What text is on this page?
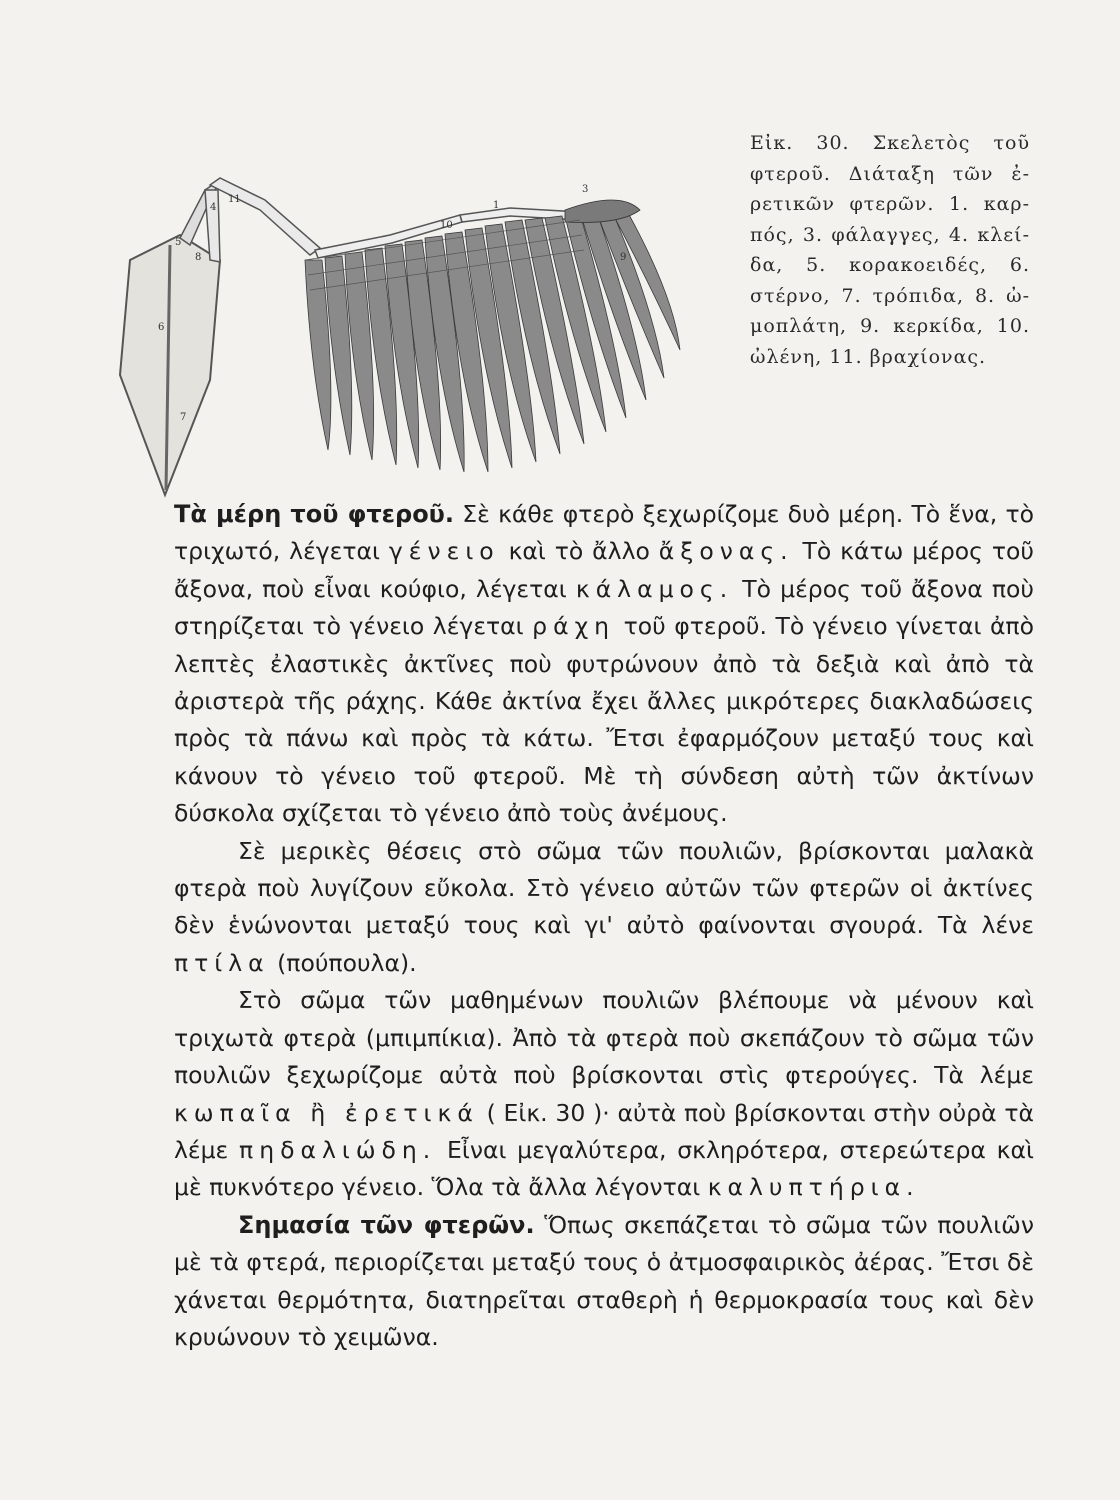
1
3
4
5
6
7
8	9
10
11
Εἰκ. 30. Σκελετὸς τοῦ φτεροῦ. Διάταξη τῶν ἐ-ρετικῶν φτερῶν. 1. καρ-πός, 3. φάλαγγες, 4. κλεί-δα, 5. κορακοειδές, 6. στέρνο, 7. τρόπιδα, 8. ὠ-μοπλάτη, 9. κερκίδα, 10. ὠλένη, 11. βραχίονας.

Τὰ μέρη τοῦ φτεροῦ. Σὲ κάθε φτερὸ ξεχωρίζομε δυὸ μέρη. Τὸ ἕνα, τὸ τριχωτό, λέγεται γένειο καὶ τὸ ἄλλο ἄξονας. Τὸ κάτω μέρος τοῦ ἄξονα, ποὺ εἶναι κούφιο, λέγεται κάλαμος. Τὸ μέρος τοῦ ἄξονα ποὺ στηρίζεται τὸ γένειο λέγεται ράχη τοῦ φτεροῦ. Τὸ γένειο γίνεται ἀπὸ λεπτὲς ἐλαστικὲς ἀκτῖνες ποὺ φυτρώνουν ἀπὸ τὰ δεξιὰ καὶ ἀπὸ τὰ ἀριστερὰ τῆς ράχης. Κάθε ἀκτίνα ἔχει ἄλλες μικρότερες διακλαδώσεις πρὸς τὰ πάνω καὶ πρὸς τὰ κάτω. Ἔτσι ἐφαρμόζουν μεταξύ τους καὶ κάνουν τὸ γένειο τοῦ φτεροῦ. Μὲ τὴ σύνδεση αὐτὴ τῶν ἀκτίνων δύσκολα σχίζεται τὸ γένειο ἀπὸ τοὺς ἀνέμους.

Σὲ μερικὲς θέσεις στὸ σῶμα τῶν πουλιῶν, βρίσκονται μαλακὰ φτερὰ ποὺ λυγίζουν εὔκολα. Στὸ γένειο αὐτῶν τῶν φτερῶν οἱ ἀκτίνες δὲν ἑνώνονται μεταξύ τους καὶ γι' αὐτὸ φαίνονται σγουρά. Τὰ λένε πτίλα (πούπουλα).

Στὸ σῶμα τῶν μαθημένων πουλιῶν βλέπουμε νὰ μένουν καὶ τριχωτὰ φτερὰ (μπιμπίκια). Ἀπὸ τὰ φτερὰ ποὺ σκεπάζουν τὸ σῶμα τῶν πουλιῶν ξεχωρίζομε αὐτὰ ποὺ βρίσκονται στὶς φτερούγες. Τὰ λέμε κωπαῖα ἢ ἐρετικά ( Εἰκ. 30 )· αὐτὰ ποὺ βρίσκονται στὴν οὐρὰ τὰ λέμε πηδαλιώδη. Εἶναι μεγαλύτερα, σκληρότερα, στερεώτερα καὶ μὲ πυκνότερο γένειο. Ὅλα τὰ ἄλλα λέγονται καλυπτήρια.

Σημασία τῶν φτερῶν. Ὅπως σκεπάζεται τὸ σῶμα τῶν πουλιῶν μὲ τὰ φτερά, περιορίζεται μεταξύ τους ὁ ἀτμοσφαιρικὸς ἀέρας. Ἔτσι δὲ χάνεται θερμότητα, διατηρεῖται σταθερὴ ἡ θερμοκρασία τους καὶ δὲν κρυώνουν τὸ χειμῶνα.
